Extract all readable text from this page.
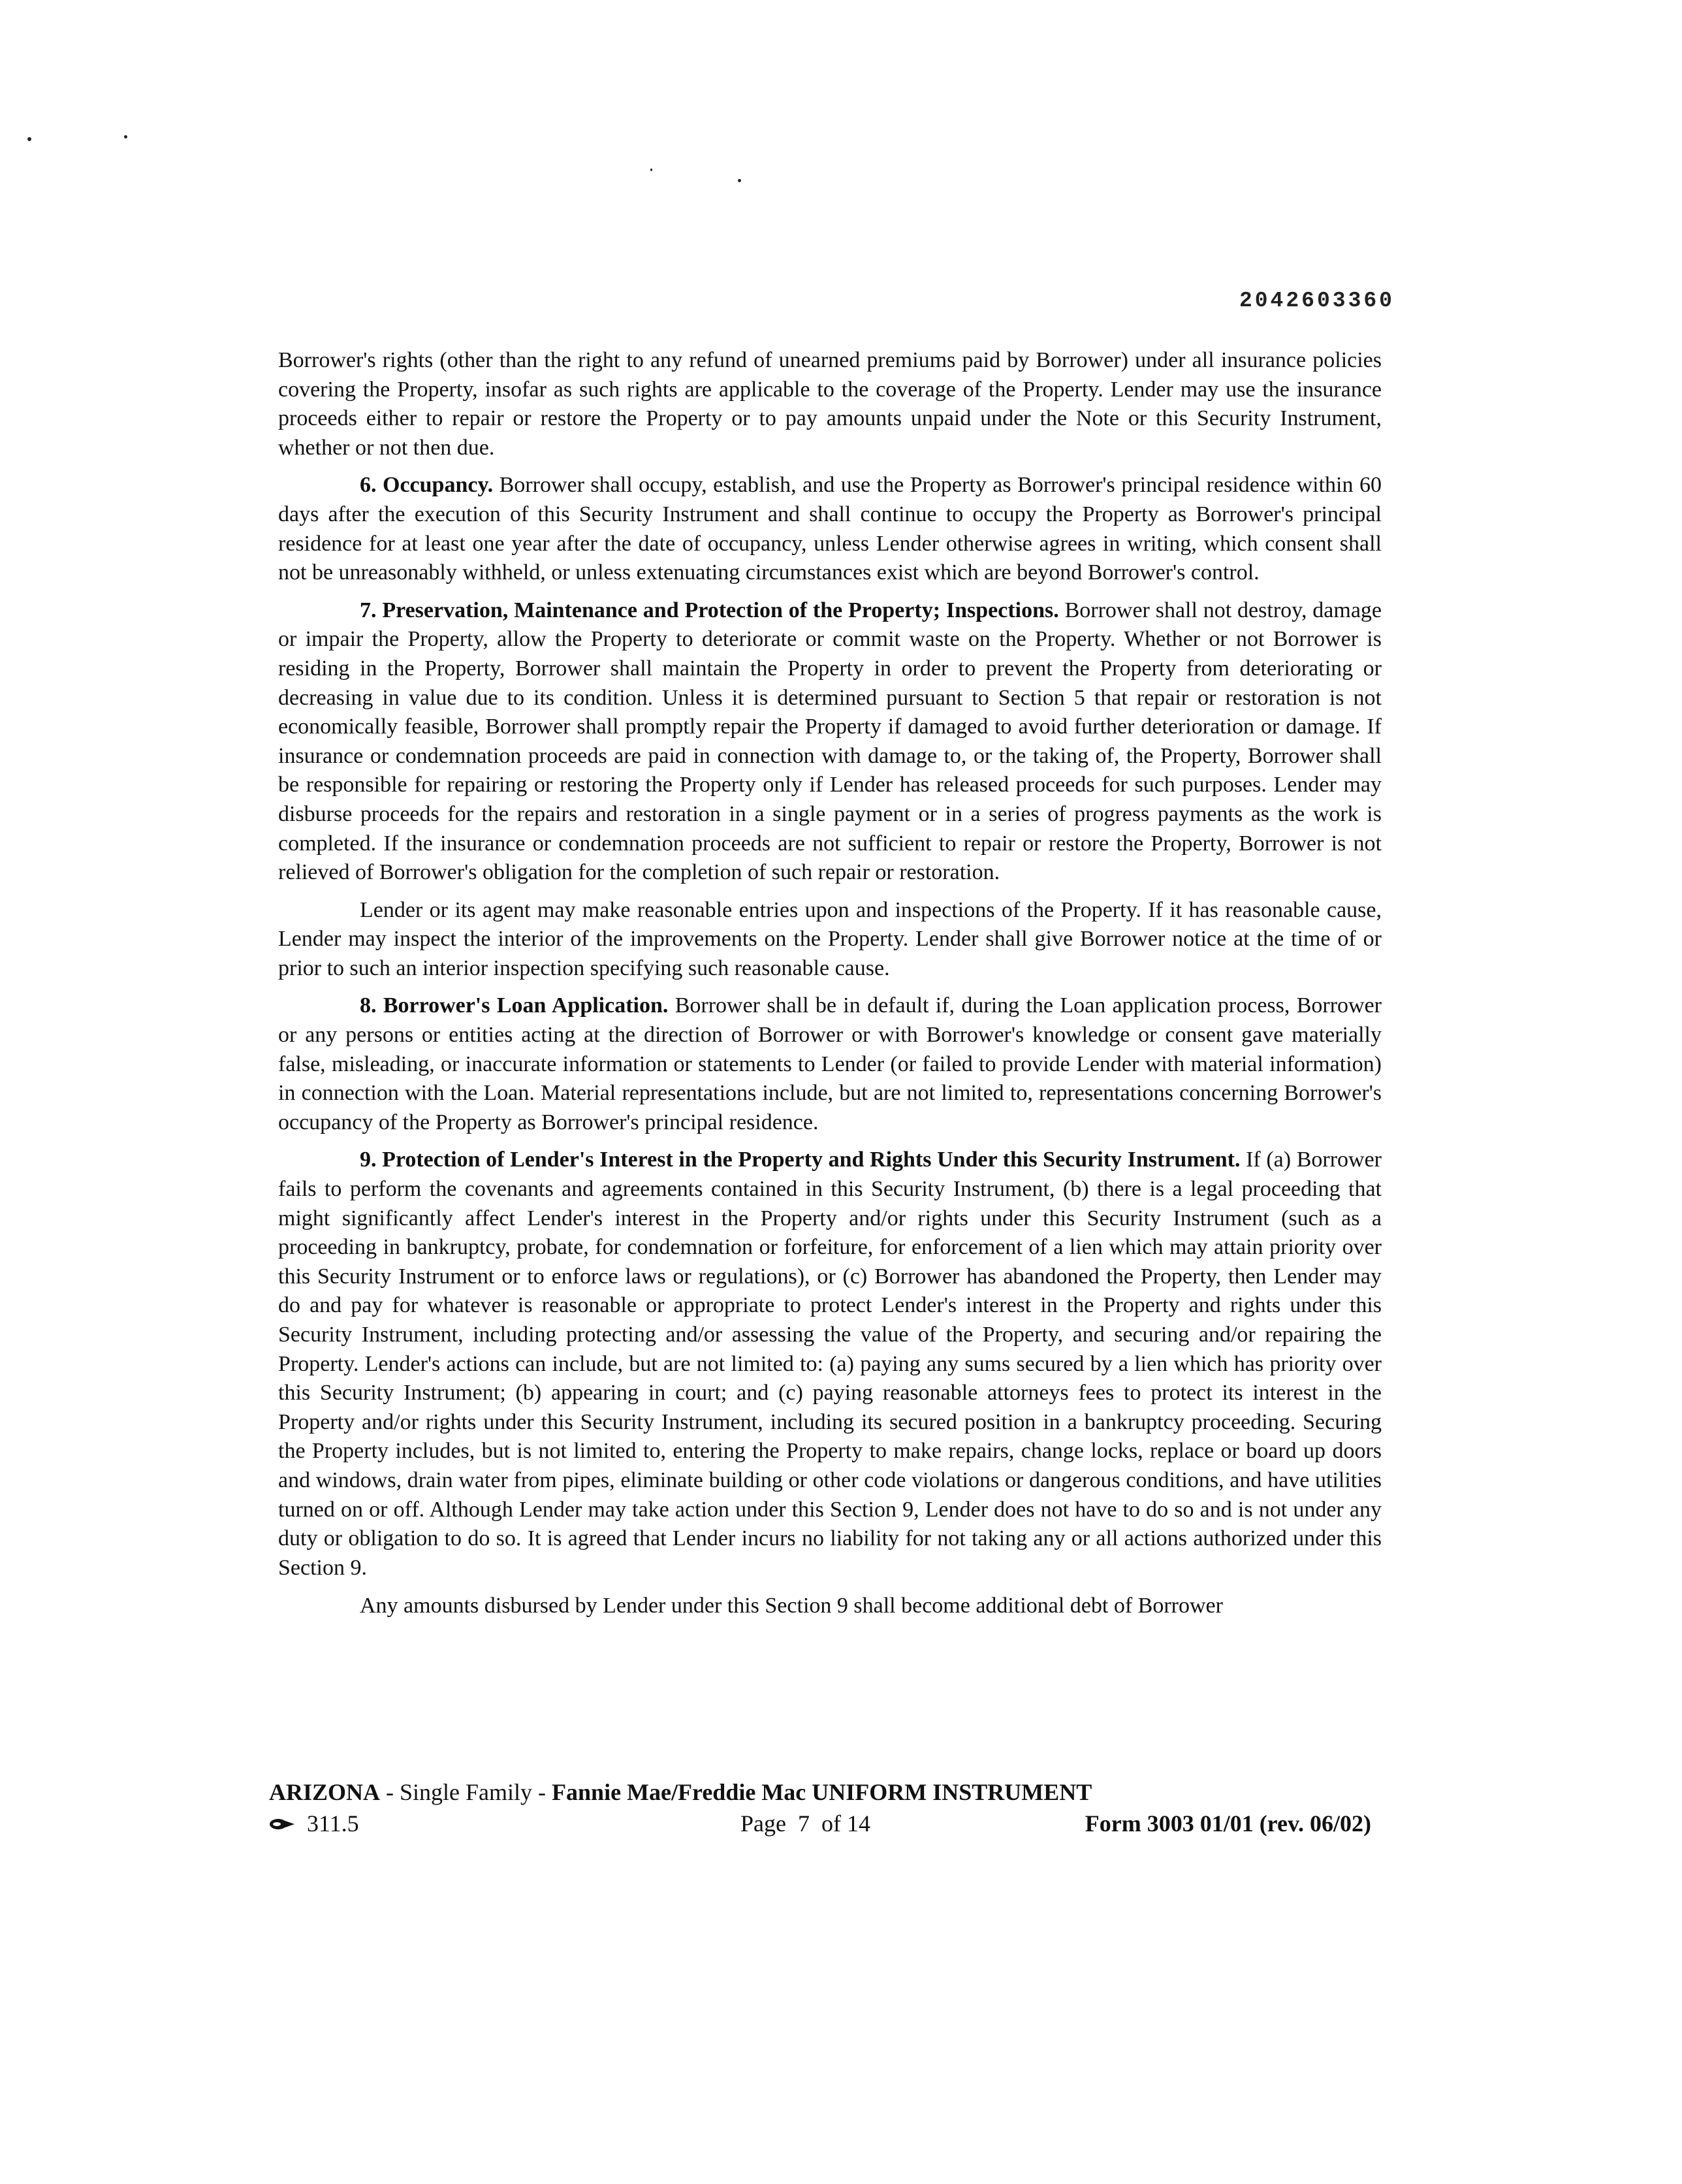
2042603360

Borrower's rights (other than the right to any refund of unearned premiums paid by Borrower) under all insurance policies covering the Property, insofar as such rights are applicable to the coverage of the Property. Lender may use the insurance proceeds either to repair or restore the Property or to pay amounts unpaid under the Note or this Security Instrument, whether or not then due.

6. Occupancy. Borrower shall occupy, establish, and use the Property as Borrower's principal residence within 60 days after the execution of this Security Instrument and shall continue to occupy the Property as Borrower's principal residence for at least one year after the date of occupancy, unless Lender otherwise agrees in writing, which consent shall not be unreasonably withheld, or unless extenuating circumstances exist which are beyond Borrower's control.

7. Preservation, Maintenance and Protection of the Property; Inspections. Borrower shall not destroy, damage or impair the Property, allow the Property to deteriorate or commit waste on the Property. Whether or not Borrower is residing in the Property, Borrower shall maintain the Property in order to prevent the Property from deteriorating or decreasing in value due to its condition. Unless it is determined pursuant to Section 5 that repair or restoration is not economically feasible, Borrower shall promptly repair the Property if damaged to avoid further deterioration or damage. If insurance or condemnation proceeds are paid in connection with damage to, or the taking of, the Property, Borrower shall be responsible for repairing or restoring the Property only if Lender has released proceeds for such purposes. Lender may disburse proceeds for the repairs and restoration in a single payment or in a series of progress payments as the work is completed. If the insurance or condemnation proceeds are not sufficient to repair or restore the Property, Borrower is not relieved of Borrower's obligation for the completion of such repair or restoration.

Lender or its agent may make reasonable entries upon and inspections of the Property. If it has reasonable cause, Lender may inspect the interior of the improvements on the Property. Lender shall give Borrower notice at the time of or prior to such an interior inspection specifying such reasonable cause.

8. Borrower's Loan Application. Borrower shall be in default if, during the Loan application process, Borrower or any persons or entities acting at the direction of Borrower or with Borrower's knowledge or consent gave materially false, misleading, or inaccurate information or statements to Lender (or failed to provide Lender with material information) in connection with the Loan. Material representations include, but are not limited to, representations concerning Borrower's occupancy of the Property as Borrower's principal residence.

9. Protection of Lender's Interest in the Property and Rights Under this Security Instrument. If (a) Borrower fails to perform the covenants and agreements contained in this Security Instrument, (b) there is a legal proceeding that might significantly affect Lender's interest in the Property and/or rights under this Security Instrument (such as a proceeding in bankruptcy, probate, for condemnation or forfeiture, for enforcement of a lien which may attain priority over this Security Instrument or to enforce laws or regulations), or (c) Borrower has abandoned the Property, then Lender may do and pay for whatever is reasonable or appropriate to protect Lender's interest in the Property and rights under this Security Instrument, including protecting and/or assessing the value of the Property, and securing and/or repairing the Property. Lender's actions can include, but are not limited to: (a) paying any sums secured by a lien which has priority over this Security Instrument; (b) appearing in court; and (c) paying reasonable attorneys fees to protect its interest in the Property and/or rights under this Security Instrument, including its secured position in a bankruptcy proceeding. Securing the Property includes, but is not limited to, entering the Property to make repairs, change locks, replace or board up doors and windows, drain water from pipes, eliminate building or other code violations or dangerous conditions, and have utilities turned on or off. Although Lender may take action under this Section 9, Lender does not have to do so and is not under any duty or obligation to do so. It is agreed that Lender incurs no liability for not taking any or all actions authorized under this Section 9.

Any amounts disbursed by Lender under this Section 9 shall become additional debt of Borrower

ARIZONA - Single Family - Fannie Mae/Freddie Mac UNIFORM INSTRUMENT
311.5	Page  7  of 14	Form 3003 01/01 (rev. 06/02)
